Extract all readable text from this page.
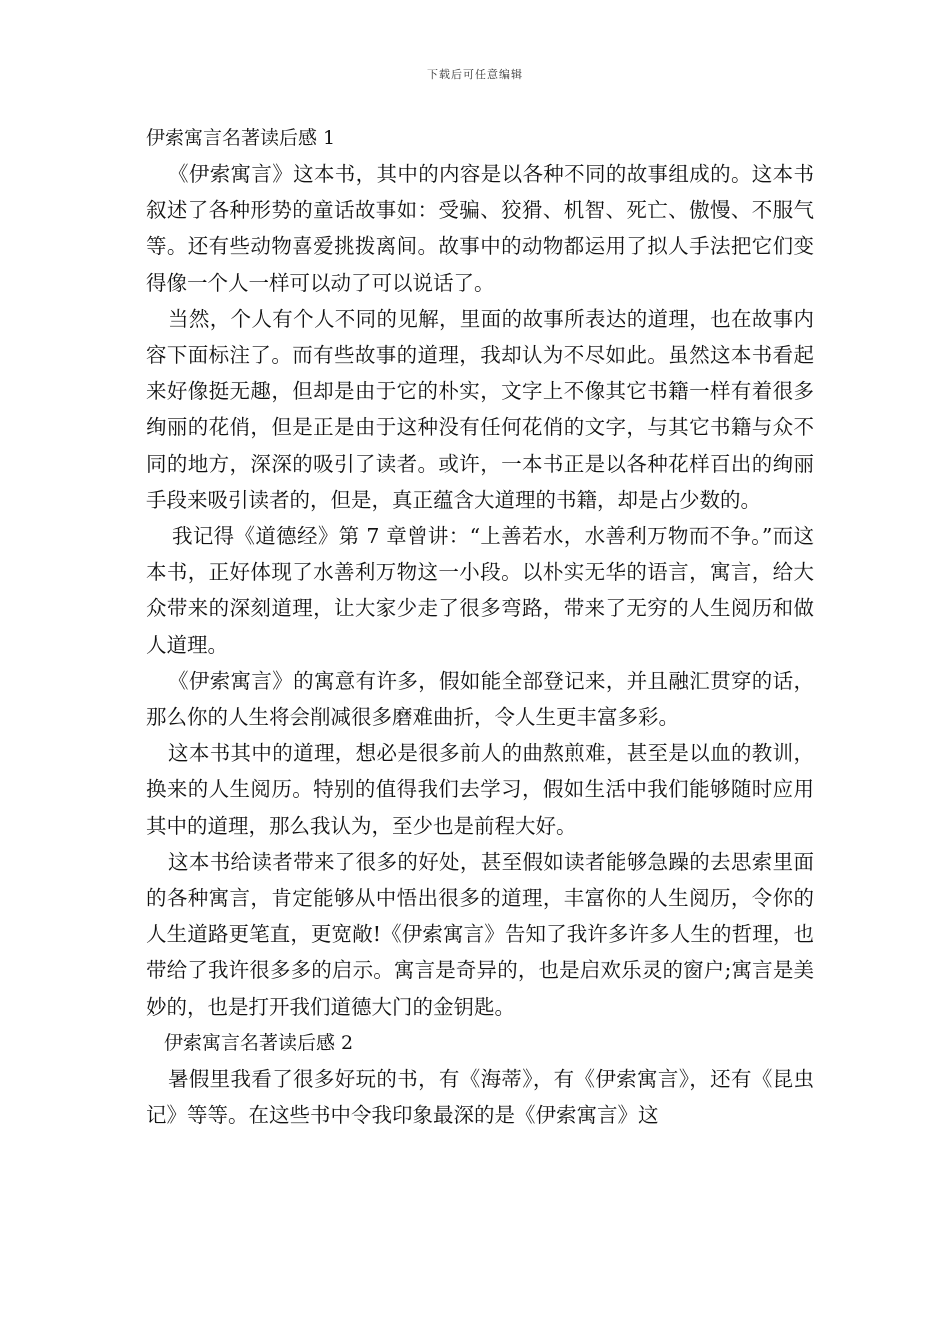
下载后可任意编辑
伊索寓言名著读后感 1

《伊索寓言》这本书，其中的内容是以各种不同的故事组成的。这本书叙述了各种形势的童话故事如：受骗、狡猾、机智、死亡、傲慢、不服气等。还有些动物喜爱挑拨离间。故事中的动物都运用了拟人手法把它们变得像一个人一样可以动了可以说话了。

当然，个人有个人不同的见解，里面的故事所表达的道理，也在故事内容下面标注了。而有些故事的道理，我却认为不尽如此。虽然这本书看起来好像挺无趣，但却是由于它的朴实，文字上不像其它书籍一样有着很多绚丽的花俏，但是正是由于这种没有任何花俏的文字，与其它书籍与众不同的地方，深深的吸引了读者。或许，一本书正是以各种花样百出的绚丽手段来吸引读者的，但是，真正蕴含大道理的书籍，却是占少数的。

我记得《道德经》第 7 章曾讲：“上善若水，水善利万物而不争。”而这本书，正好体现了水善利万物这一小段。以朴实无华的语言，寓言，给大众带来的深刻道理，让大家少走了很多弯路，带来了无穷的人生阅历和做人道理。

《伊索寓言》的寓意有许多，假如能全部登记来，并且融汇贯穿的话，那么你的人生将会削减很多磨难曲折，令人生更丰富多彩。

这本书其中的道理，想必是很多前人的曲熬煎难，甚至是以血的教训，换来的人生阅历。特别的值得我们去学习，假如生活中我们能够随时应用其中的道理，那么我认为，至少也是前程大好。

这本书给读者带来了很多的好处，甚至假如读者能够急躁的去思索里面的各种寓言，肯定能够从中悟出很多的道理，丰富你的人生阅历，令你的人生道路更笔直，更宽敞!《伊索寓言》告知了我许多许多人生的哲理，也带给了我许很多多的启示。寓言是奇异的，也是启欢乐灵的窗户;寓言是美妙的，也是打开我们道德大门的金钥匙。

伊索寓言名著读后感 2

暑假里我看了很多好玩的书，有《海蒂》，有《伊索寓言》，还有《昆虫记》等等。在这些书中令我印象最深的是《伊索寓言》这
